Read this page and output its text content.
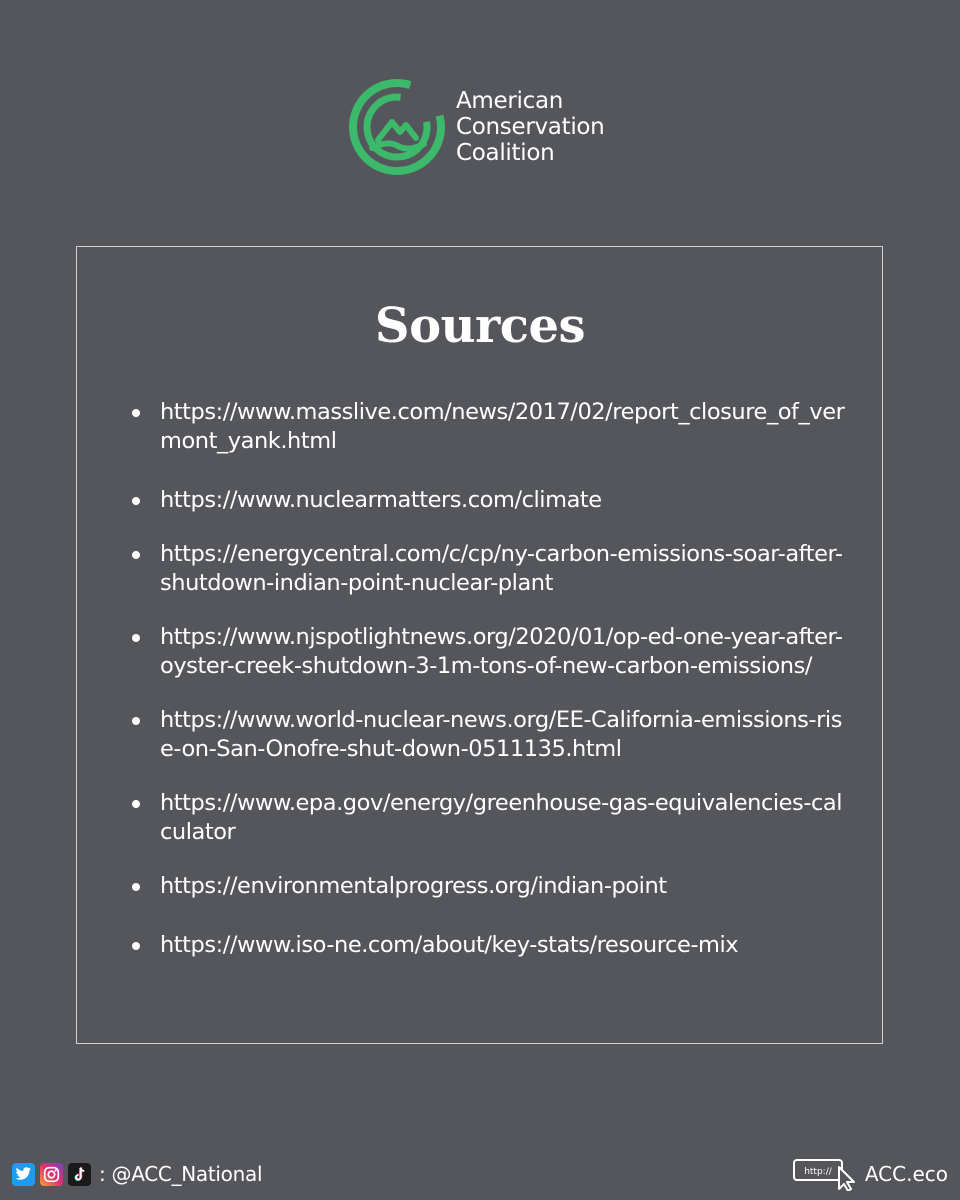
American
Conservation
Coalition
Sources
https://www.masslive.com/news/2017/02/report_closure_of_vermont_yank.html
https://www.nuclearmatters.com/climate
https://energycentral.com/c/cp/ny-carbon-emissions-soar-after-shutdown-indian-point-nuclear-plant
https://www.njspotlightnews.org/2020/01/op-ed-one-year-after-oyster-creek-shutdown-3-1m-tons-of-new-carbon-emissions/
https://www.world-nuclear-news.org/EE-California-emissions-rise-on-San-Onofre-shut-down-0511135.html
https://www.epa.gov/energy/greenhouse-gas-equivalencies-calculator
https://environmentalprogress.org/indian-point
https://www.iso-ne.com/about/key-stats/resource-mix
: @ACC_National	http:// ACC.eco
